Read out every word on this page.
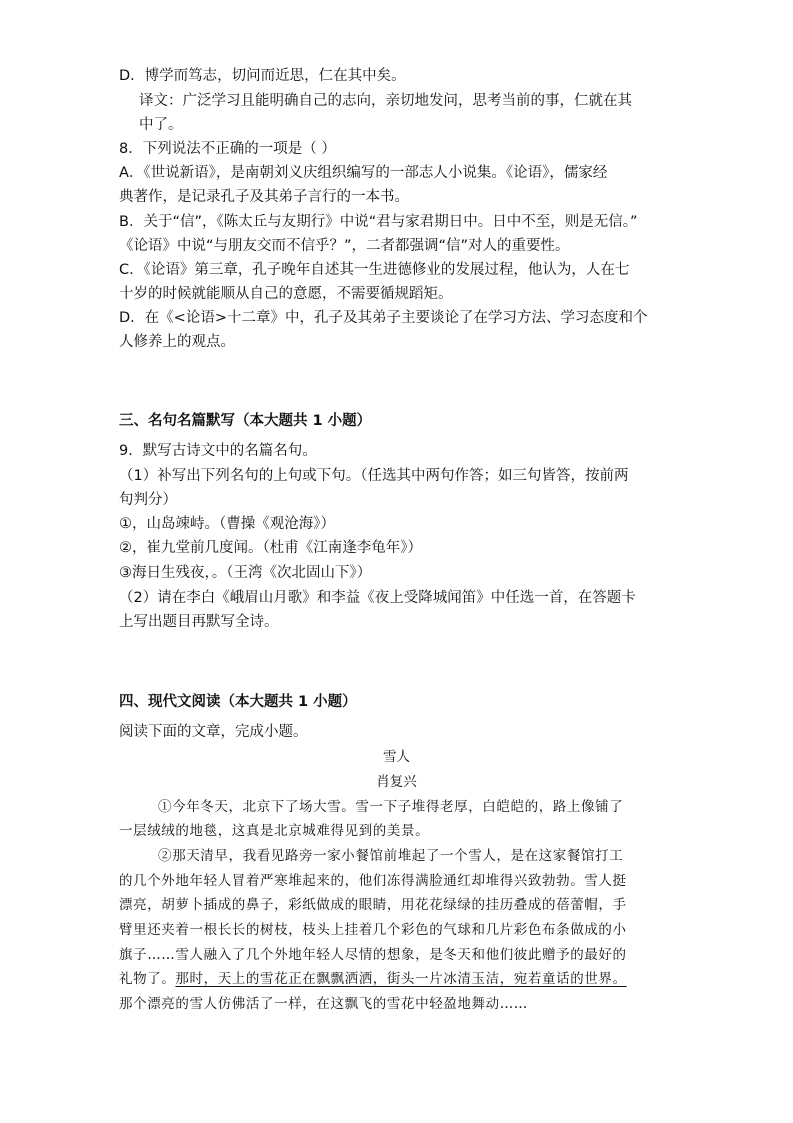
D．博学而笃志，切问而近思，仁在其中矣。
译文：广泛学习且能明确自己的志向，亲切地发问，思考当前的事，仁就在其
中了。
8．下列说法不正确的一项是（ ）
A．《世说新语》，是南朝刘义庆组织编写的一部志人小说集。《论语》，儒家经
典著作，是记录孔子及其弟子言行的一本书。
B．关于“信”，《陈太丘与友期行》中说“君与家君期日中。日中不至，则是无信。”
《论语》中说“与朋友交而不信乎？”，二者都强调“信”对人的重要性。
C．《论语》第三章，孔子晚年自述其一生进德修业的发展过程，他认为，人在七
十岁的时候就能顺从自己的意愿，不需要循规蹈矩。
D．在《<论语>十二章》中，孔子及其弟子主要谈论了在学习方法、学习态度和个
人修养上的观点。
三、名句名篇默写（本大题共 1 小题）
9．默写古诗文中的名篇名句。
（1）补写出下列名句的上句或下句。（任选其中两句作答；如三句皆答，按前两
句判分）
①，山岛竦峙。（曹操《观沧海》）
②，崔九堂前几度闻。（杜甫《江南逢李龟年》）
③海日生残夜，。（王湾《次北固山下》）
（2）请在李白《峨眉山月歌》和李益《夜上受降城闻笛》中任选一首，在答题卡
上写出题目再默写全诗。
四、现代文阅读（本大题共 1 小题）
阅读下面的文章，完成小题。
雪人
肖复兴
①今年冬天，北京下了场大雪。雪一下子堆得老厚，白皑皑的，路上像铺了
一层绒绒的地毯，这真是北京城难得见到的美景。
②那天清早，我看见路旁一家小餐馆前堆起了一个雪人，是在这家餐馆打工
的几个外地年轻人冒着严寒堆起来的，他们冻得满脸通红却堆得兴致勃勃。雪人挺
漂亮，胡萝卜插成的鼻子，彩纸做成的眼睛，用花花绿绿的挂历叠成的蓓蕾帽，手
臂里还夹着一根长长的树枝，枝头上挂着几个彩色的气球和几片彩色布条做成的小
旗子……雪人融入了几个外地年轻人尽情的想象，是冬天和他们彼此赠予的最好的
礼物了。那时，天上的雪花正在飘飘洒洒，街头一片冰清玉洁，宛若童话的世界。
那个漂亮的雪人仿佛活了一样，在这飘飞的雪花中轻盈地舞动……
